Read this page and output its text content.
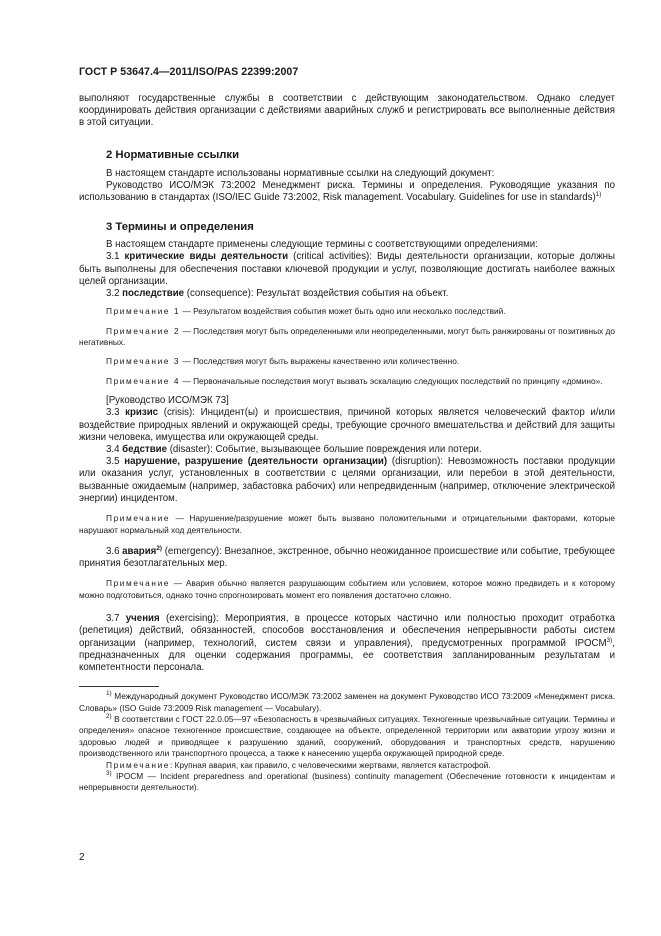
ГОСТ Р 53647.4—2011/ISO/PAS 22399:2007

выполняют государственные службы в соответствии с действующим законодательством. Однако следует координировать действия организации с действиями аварийных служб и регистрировать все выполненные действия в этой ситуации.

2 Нормативные ссылки

В настоящем стандарте использованы нормативные ссылки на следующий документ:

Руководство ИСО/МЭК 73:2002 Менеджмент риска. Термины и определения. Руководящие указания по использованию в стандартах (ISO/IEC Guide 73:2002, Risk management. Vocabulary. Guidelines for use in standards)$^{1)}$

3 Термины и определения

В настоящем стандарте применены следующие термины с соответствующими определениями:

3.1 критические виды деятельности (critical activities): Виды деятельности организации, которые должны быть выполнены для обеспечения поставки ключевой продукции и услуг, позволяющие достигать наиболее важных целей организации.

3.2 последствие (consequence): Результат воздействия события на объект.

Примечание 1 — Результатом воздействия события может быть одно или несколько последствий.

Примечание 2 — Последствия могут быть определенными или неопределенными, могут быть ранжированы от позитивных до негативных.

Примечание 3 — Последствия могут быть выражены качественно или количественно.

Примечание 4 — Первоначальные последствия могут вызвать эскалацию следующих последствий по принципу «домино».

[Руководство ИСО/МЭК 73]

3.3 кризис (crisis): Инцидент(ы) и происшествия, причиной которых является человеческий фактор и/или воздействие природных явлений и окружающей среды, требующие срочного вмешательства и действий для защиты жизни человека, имущества или окружающей среды.

3.4 бедствие (disaster): Событие, вызывающее большие повреждения или потери.

3.5 нарушение, разрушение (деятельности организации) (disruption): Невозможность поставки продукции или оказания услуг, установленных в соответствии с целями организации, или перебои в этой деятельности, вызванные ожидаемым (например, забастовка рабочих) или непредвиденным (например, отключение электрической энергии) инцидентом.

Примечание — Нарушение/разрушение может быть вызвано положительными и отрицательными факторами, которые нарушают нормальный ход деятельности.

3.6 авария$^{2)}$ (emergency): Внезапное, экстренное, обычно неожиданное происшествие или событие, требующее принятия безотлагательных мер.

Примечание — Авария обычно является разрушающим событием или условием, которое можно предвидеть и к которому можно подготовиться, однако точно спрогнозировать момент его появления достаточно сложно.

3.7 учения (exercising): Мероприятия, в процессе которых частично или полностью проходит отработка (репетиция) действий, обязанностей, способов восстановления и обеспечения непрерывности работы систем организации (например, технологий, систем связи и управления), предусмотренных программой IPOCM$^{3)}$, предназначенных для оценки содержания программы, ее соответствия запланированным результатам и компетентности персонала.

$^{1)}$ Международный документ Руководство ИСО/МЭК 73:2002 заменен на документ Руководство ИСО 73:2009 «Менеджмент риска. Словарь» (ISO Guide 73:2009 Risk management — Vocabulary).

$^{2)}$ В соответствии с ГОСТ 22.0.05—97 «Безопасность в чрезвычайных ситуациях. Техногенные чрезвычайные ситуации. Термины и определения» опасное техногенное происшествие, создающее на объекте, определенной территории или акватории угрозу жизни и здоровью людей и приводящее к разрушению зданий, сооружений, оборудования и транспортных средств, нарушению производственного или транспортного процесса, а также к нанесению ущерба окружающей природной среде.

Примечание: Крупная авария, как правило, с человеческими жертвами, является катастрофой.

$^{3)}$ IPOCM — Incident preparedness and operational (business) continuity management (Обеспечение готовности к инцидентам и непрерывности деятельности).

2
